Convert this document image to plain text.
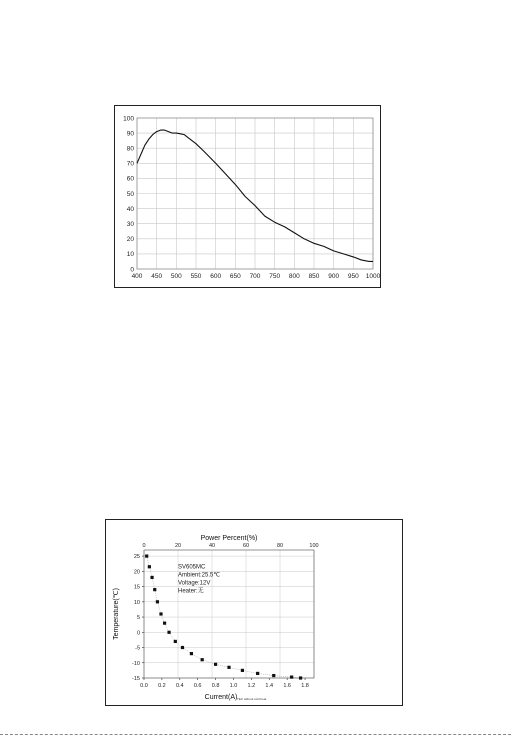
400 450 500 550 600 650 700 750 800 850 900 950 1000
0
10
20
30
40
50
60
70
80
90
100
0	20	40	60	80	100
-15
-10
-5
0
5
10
15
20
25
0.0 0.2 0.4 0.6 0.8 1.0 1.2 1.4 1.6 1.8
Power Percent(%)
Current(A) TEC without cold heat
Temperature(℃)
SV605MC
Ambient:25.5℃
Voltage:12V
Heater:无
